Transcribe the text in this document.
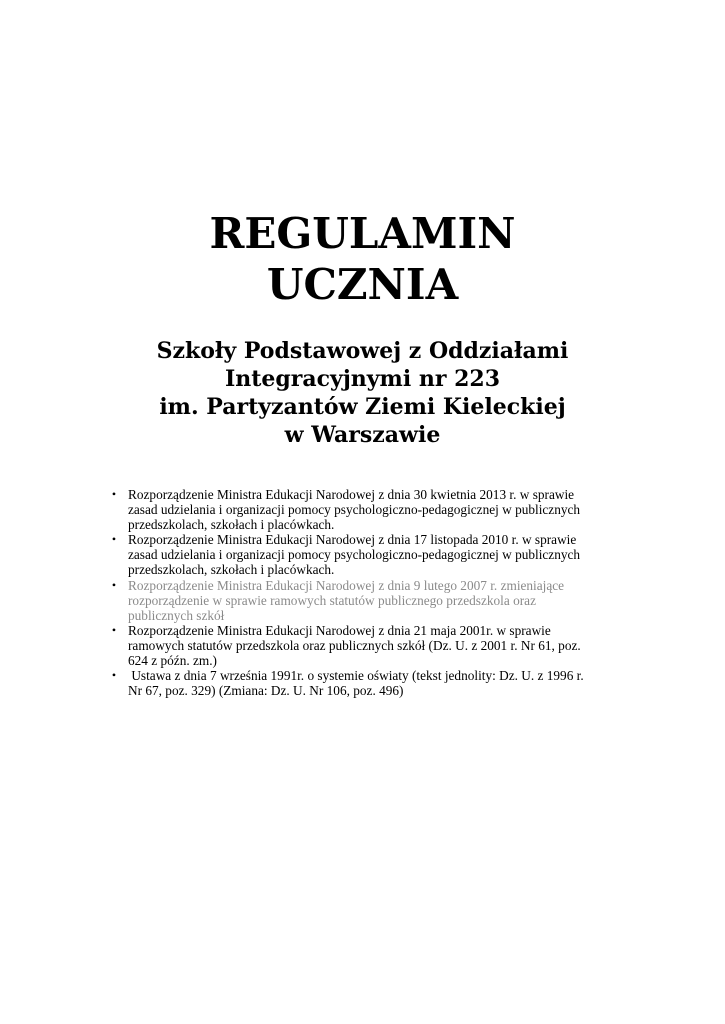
REGULAMIN
UCZNIA
Szkoły Podstawowej z Oddziałami
Integracyjnymi nr 223
im. Partyzantów Ziemi Kieleckiej
w Warszawie
• Rozporządzenie Ministra Edukacji Narodowej z dnia 30 kwietnia 2013 r. w sprawie
zasad udzielania i organizacji pomocy psychologiczno-pedagogicznej w publicznych
przedszkolach, szkołach i placówkach.
• Rozporządzenie Ministra Edukacji Narodowej z dnia 17 listopada 2010 r. w sprawie
zasad udzielania i organizacji pomocy psychologiczno-pedagogicznej w publicznych
przedszkolach, szkołach i placówkach.
• Rozporządzenie Ministra Edukacji Narodowej z dnia 9 lutego 2007 r. zmieniające
rozporządzenie w sprawie ramowych statutów publicznego przedszkola oraz
publicznych szkół
• Rozporządzenie Ministra Edukacji Narodowej z dnia 21 maja 2001r. w sprawie
ramowych statutów przedszkola oraz publicznych szkół (Dz. U. z 2001 r. Nr 61, poz.
624 z późn. zm.)
• Ustawa z dnia 7 września 1991r. o systemie oświaty (tekst jednolity: Dz. U. z 1996 r.
Nr 67, poz. 329) (Zmiana: Dz. U. Nr 106, poz. 496)
